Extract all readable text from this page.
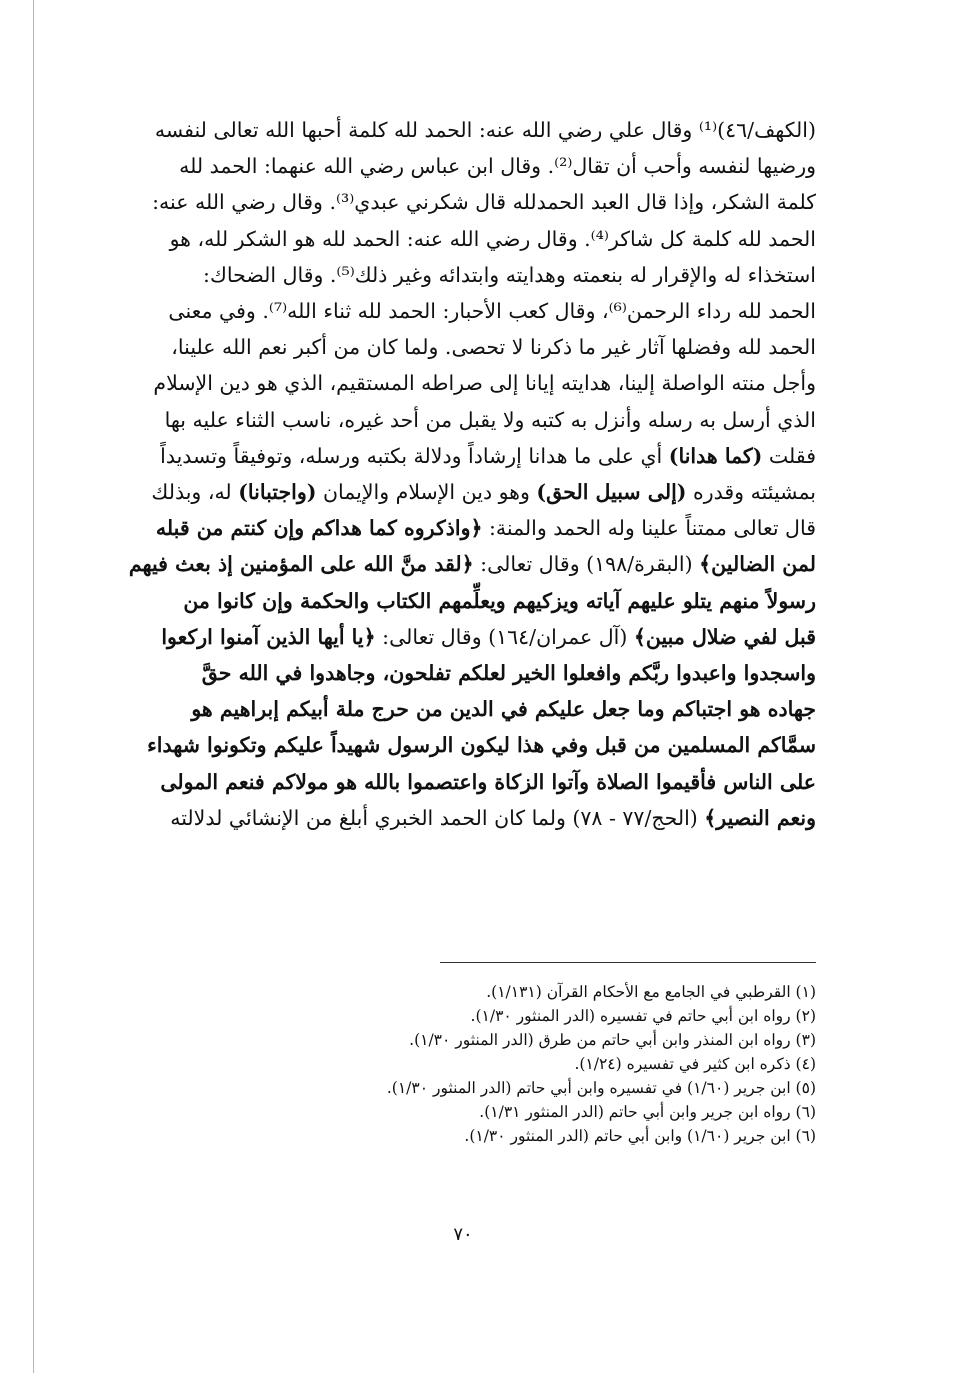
(الكهف/٤٦)⁽¹⁾ وقال علي رضي الله عنه: الحمد لله كلمة أحبها الله تعالى لنفسه
ورضيها لنفسه وأحب أن تقال⁽²⁾. وقال ابن عباس رضي الله عنهما: الحمد لله
كلمة الشكر، وإذا قال العبد الحمدلله قال شكرني عبدي⁽³⁾. وقال رضي الله عنه:
الحمد لله كلمة كل شاكر⁽⁴⁾. وقال رضي الله عنه: الحمد لله هو الشكر لله، هو
استخذاء له والإقرار له بنعمته وهدايته وابتدائه وغير ذلك⁽⁵⁾. وقال الضحاك:
الحمد لله رداء الرحمن⁽⁶⁾، وقال كعب الأحبار: الحمد لله ثناء الله⁽⁷⁾. وفي معنى
الحمد لله وفضلها آثار غير ما ذكرنا لا تحصى. ولما كان من أكبر نعم الله علينا،
وأجل منته الواصلة إلينا، هدايته إيانا إلى صراطه المستقيم، الذي هو دين الإسلام
الذي أرسل به رسله وأنزل به كتبه ولا يقبل من أحد غيره، ناسب الثناء عليه بها
فقلت (كما هدانا) أي على ما هدانا إرشاداً ودلالة بكتبه ورسله، وتوفيقاً وتسديداً
بمشيئته وقدره (إلى سبيل الحق) وهو دين الإسلام والإيمان (واجتبانا) له، وبذلك
قال تعالى ممتناً علينا وله الحمد والمنة: ﴿واذكروه كما هداكم وإن كنتم من قبله
لمن الضالين﴾ (البقرة/١٩٨) وقال تعالى: ﴿لقد منَّ الله على المؤمنين إذ بعث فيهم
رسولاً منهم يتلو عليهم آياته ويزكيهم ويعلِّمهم الكتاب والحكمة وإن كانوا من
قبل لفي ضلال مبين﴾ (آل عمران/١٦٤) وقال تعالى: ﴿يا أيها الذين آمنوا اركعوا
واسجدوا واعبدوا ربَّكم وافعلوا الخير لعلكم تفلحون، وجاهدوا في الله حقَّ
جهاده هو اجتباكم وما جعل عليكم في الدين من حرج ملة أبيكم إبراهيم هو
سمَّاكم المسلمين من قبل وفي هذا ليكون الرسول شهيداً عليكم وتكونوا شهداء
على الناس فأقيموا الصلاة وآتوا الزكاة واعتصموا بالله هو مولاكم فنعم المولى
ونعم النصير﴾ (الحج/٧٧ - ٧٨) ولما كان الحمد الخبري أبلغ من الإنشائي لدلالته
(١) القرطبي في الجامع مع الأحكام القرآن (١/١٣١).
(٢) رواه ابن أبي حاتم في تفسيره (الدر المنثور ١/٣٠).
(٣) رواه ابن المنذر وابن أبي حاتم من طرق (الدر المنثور ١/٣٠).
(٤) ذكره ابن كثير في تفسيره (١/٢٤).
(٥) ابن جرير (١/٦٠) في تفسيره وابن أبي حاتم (الدر المنثور ١/٣٠).
(٦) رواه ابن جرير وابن أبي حاتم (الدر المنثور ١/٣١).
(٦) ابن جرير (١/٦٠) وابن أبي حاتم (الدر المنثور ١/٣٠).
٧٠
